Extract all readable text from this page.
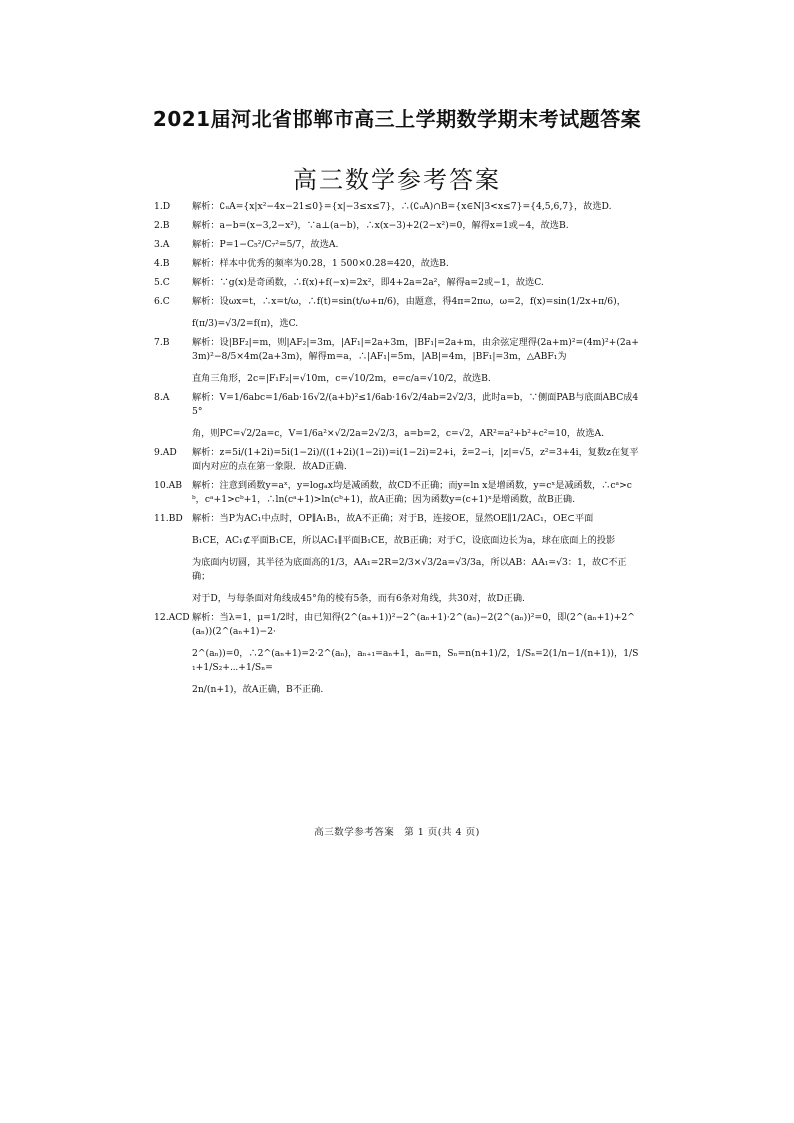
2021届河北省邯郸市高三上学期数学期末考试题答案
高三数学参考答案
1.D	解析：∁ᵤA={x|x²−4x−21≤0}={x|−3≤x≤7}，∴(∁ᵤA)∩B={x∈N|3<x≤7}={4,5,6,7}，故选D.

2.B	解析：a−b=(x−3,2−x²)，∵a⊥(a−b)，∴x(x−3)+2(2−x²)=0，解得x=1或−4，故选B.

3.A	解析：P=1−C₅²/C₇²=5/7，故选A.

4.B	解析：样本中优秀的频率为0.28，1 500×0.28=420，故选B.

5.C	解析：∵g(x)是奇函数，∴f(x)+f(−x)=2x²，即4+2a=2a²，解得a=2或−1，故选C.

6.C	解析：设ωx=t，∴x=t/ω，∴f(t)=sin(t/ω+π/6)，由题意，得4π=2πω，ω=2，f(x)=sin(1/2x+π/6)，

f(π/3)=√3/2=f(π)，选C.

7.B	解析：设|BF₂|=m，则|AF₂|=3m，|AF₁|=2a+3m，|BF₁|=2a+m，由余弦定理得(2a+m)²=(4m)²+(2a+3m)²−8/5×4m(2a+3m)，解得m=a，∴|AF₁|=5m，|AB|=4m，|BF₁|=3m，△ABF₁为

直角三角形，2c=|F₁F₂|=√10m，c=√10/2m，e=c/a=√10/2，故选B.

8.A	解析：V=1/6abc=1/6ab·16√2/(a+b)²≤1/6ab·16√2/4ab=2√2/3，此时a=b，∵侧面PAB与底面ABC成45°

角，则PC=√2/2a=c，V=1/6a²×√2/2a=2√2/3，a=b=2，c=√2，AR²=a²+b²+c²=10，故选A.

9.AD	解析：z=5i/(1+2i)=5i(1−2i)/((1+2i)(1−2i))=i(1−2i)=2+i，z̄=2−i，|z|=√5，z²=3+4i，复数z在复平面内对应的点在第一象限．故AD正确.

10.AB	解析：注意到函数y=aˣ，y=logₐx均是减函数，故CD不正确；而y=ln x是增函数，y=cˣ是减函数，∴cᵃ>cᵇ，cᵃ+1>cᵇ+1，∴ln(cᵃ+1)>ln(cᵇ+1)，故A正确；因为函数y=(c+1)ˣ是增函数，故B正确.

11.BD	解析：当P为AC₁中点时，OP∥A₁B₁，故A不正确；对于B，连接OE，显然OE∥1/2AC₁，OE⊂平面

B₁CE，AC₁⊄平面B₁CE，所以AC₁∥平面B₁CE，故B正确；对于C，设底面边长为a，球在底面上的投影

为底面内切圆，其半径为底面高的1/3，AA₁=2R=2/3×√3/2a=√3/3a，所以AB：AA₁=√3：1，故C不正确；

对于D，与每条面对角线成45°角的棱有5条，而有6条对角线，共30对，故D正确.

12.ACD 解析：当λ=1，μ=1/2时，由已知得(2^(aₙ+1))²−2^(aₙ+1)·2^(aₙ)−2(2^(aₙ))²=0，即(2^(aₙ+1)+2^(aₙ))(2^(aₙ+1)−2·

2^(aₙ))=0，∴2^(aₙ+1)=2·2^(aₙ)，aₙ₊₁=aₙ+1，aₙ=n，Sₙ=n(n+1)/2，1/Sₙ=2(1/n−1/(n+1))，1/S₁+1/S₂+⋯+1/Sₙ=

2n/(n+1)，故A正确，B不正确.

高三数学参考答案　第 1 页(共 4 页)
